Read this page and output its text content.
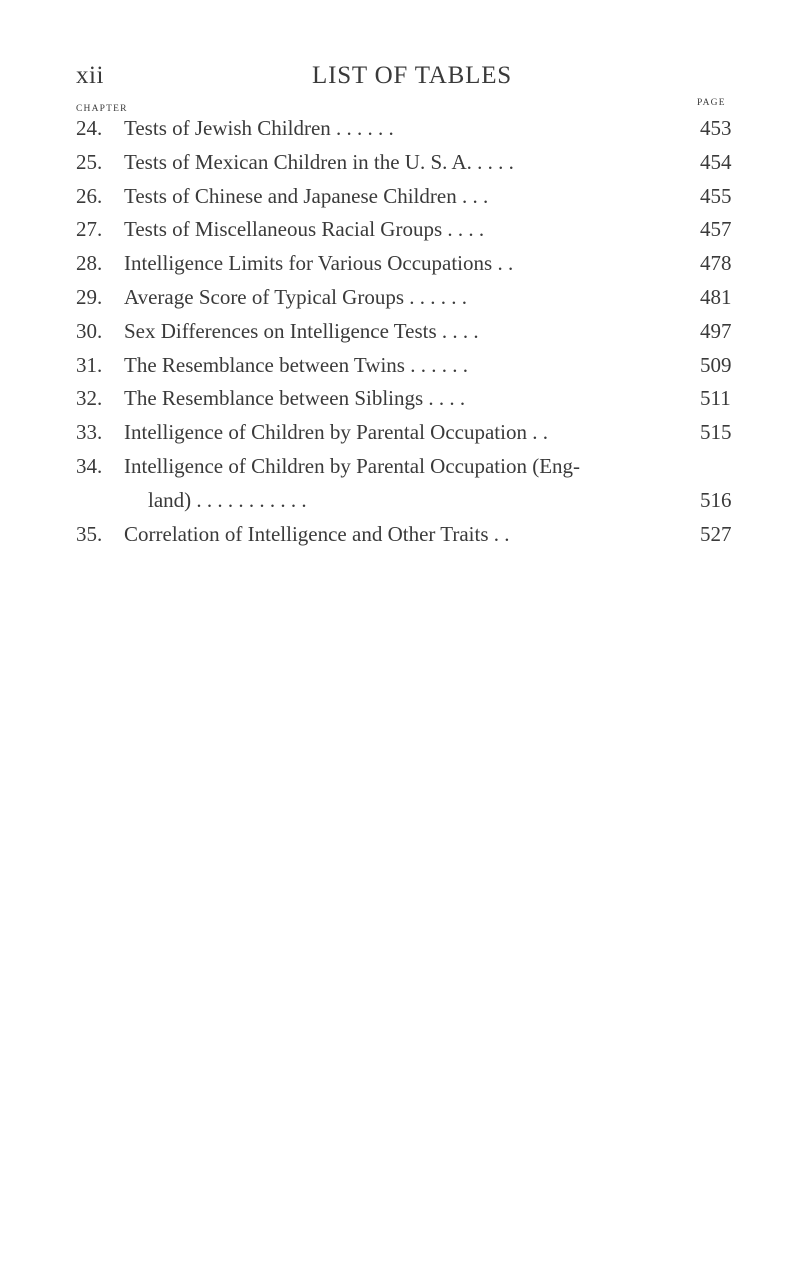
xii	LIST OF TABLES
CHAPTER
PAGE
24. Tests of Jewish Children . . . . . .	453
25. Tests of Mexican Children in the U. S. A. . . . .	454
26. Tests of Chinese and Japanese Children . . .	455
27. Tests of Miscellaneous Racial Groups . . . .	457
28. Intelligence Limits for Various Occupations . .	478
29. Average Score of Typical Groups . . . . . .	481
30. Sex Differences on Intelligence Tests . . . .	497
31. The Resemblance between Twins . . . . . .	509
32. The Resemblance between Siblings . . . .	511
33. Intelligence of Children by Parental Occupation . .	515
34. Intelligence of Children by Parental Occupation (Eng-
land) . . . . . . . . . . .	516
35. Correlation of Intelligence and Other Traits . .	527
